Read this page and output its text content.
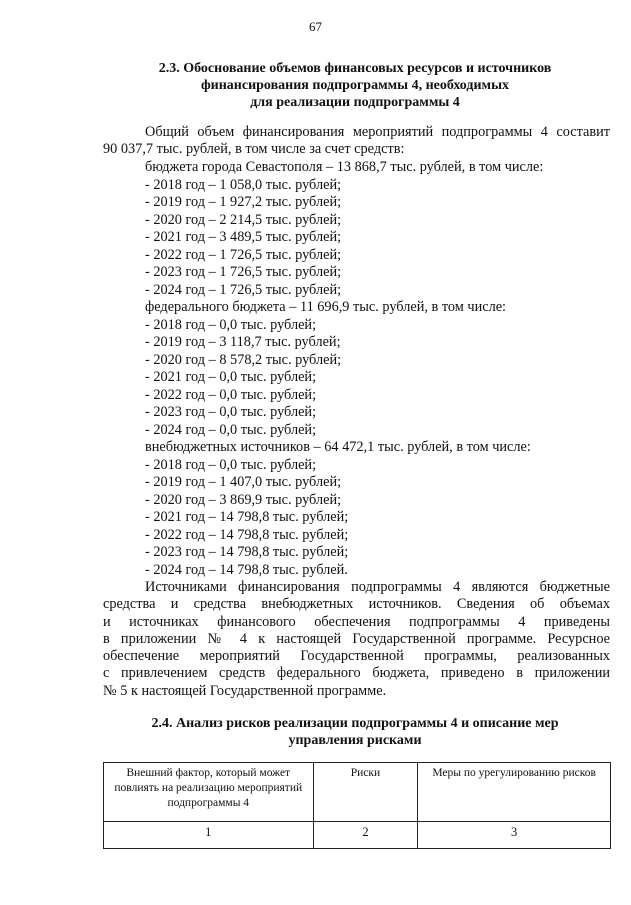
67
2.3. Обоснование объемов финансовых ресурсов и источников
финансирования подпрограммы 4, необходимых
для реализации подпрограммы 4
Общий объем финансирования мероприятий подпрограммы 4 составит
90 037,7 тыс. рублей, в том числе за счет средств:
бюджета города Севастополя – 13 868,7 тыс. рублей, в том числе:
- 2018 год – 1 058,0 тыс. рублей;
- 2019 год – 1 927,2 тыс. рублей;
- 2020 год – 2 214,5 тыс. рублей;
- 2021 год – 3 489,5 тыс. рублей;
- 2022 год – 1 726,5 тыс. рублей;
- 2023 год – 1 726,5 тыс. рублей;
- 2024 год – 1 726,5 тыс. рублей;
федерального бюджета – 11 696,9 тыс. рублей, в том числе:
- 2018 год – 0,0 тыс. рублей;
- 2019 год – 3 118,7 тыс. рублей;
- 2020 год – 8 578,2 тыс. рублей;
- 2021 год – 0,0 тыс. рублей;
- 2022 год – 0,0 тыс. рублей;
- 2023 год – 0,0 тыс. рублей;
- 2024 год – 0,0 тыс. рублей;
внебюджетных источников – 64 472,1 тыс. рублей, в том числе:
- 2018 год – 0,0 тыс. рублей;
- 2019 год – 1 407,0 тыс. рублей;
- 2020 год – 3 869,9 тыс. рублей;
- 2021 год – 14 798,8 тыс. рублей;
- 2022 год – 14 798,8 тыс. рублей;
- 2023 год – 14 798,8 тыс. рублей;
- 2024 год – 14 798,8 тыс. рублей.
Источниками финансирования подпрограммы 4 являются бюджетные
средства и средства внебюджетных источников. Сведения об объемах
и источниках финансового обеспечения подпрограммы 4 приведены
в приложении № 4 к настоящей Государственной программе. Ресурсное
обеспечение мероприятий Государственной программы, реализованных
с привлечением средств федерального бюджета, приведено в приложении
№ 5 к настоящей Государственной программе.
2.4. Анализ рисков реализации подпрограммы 4 и описание мер
управления рисками
Внешний фактор, который может повлиять на реализацию мероприятий подпрограммы 4	Риски	Меры по урегулированию рисков
1	2	3
